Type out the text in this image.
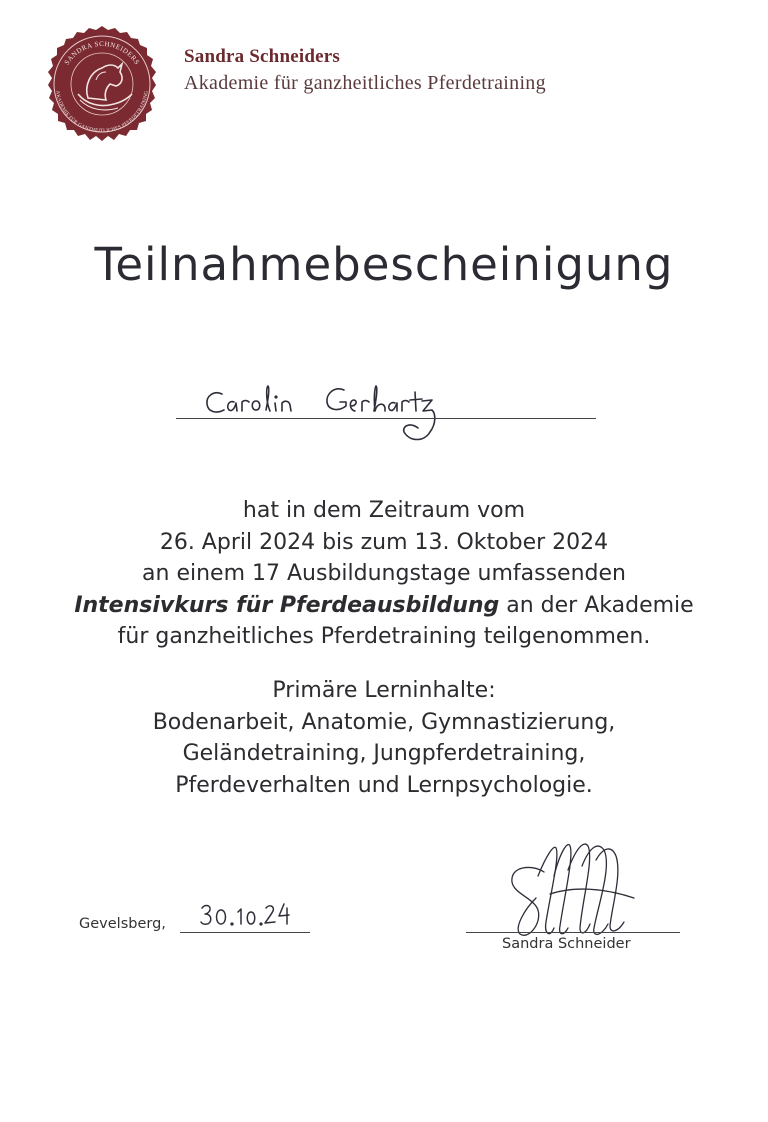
SANDRA SCHNEIDERS
AKADEMIE FÜR GANZHEITLICHES PFERDETRAINING
Sandra Schneiders
Akademie für ganzheitliches Pferdetraining
Teilnahmebescheinigung
hat in dem Zeitraum vom
26. April 2024 bis zum 13. Oktober 2024
an einem 17 Ausbildungstage umfassenden
Intensivkurs für Pferdeausbildung an der Akademie
für ganzheitliches Pferdetraining teilgenommen.
Primäre Lerninhalte:
Bodenarbeit, Anatomie, Gymnastizierung,
Geländetraining, Jungpferdetraining,
Pferdeverhalten und Lernpsychologie.
Gevelsberg,
Sandra Schneider
